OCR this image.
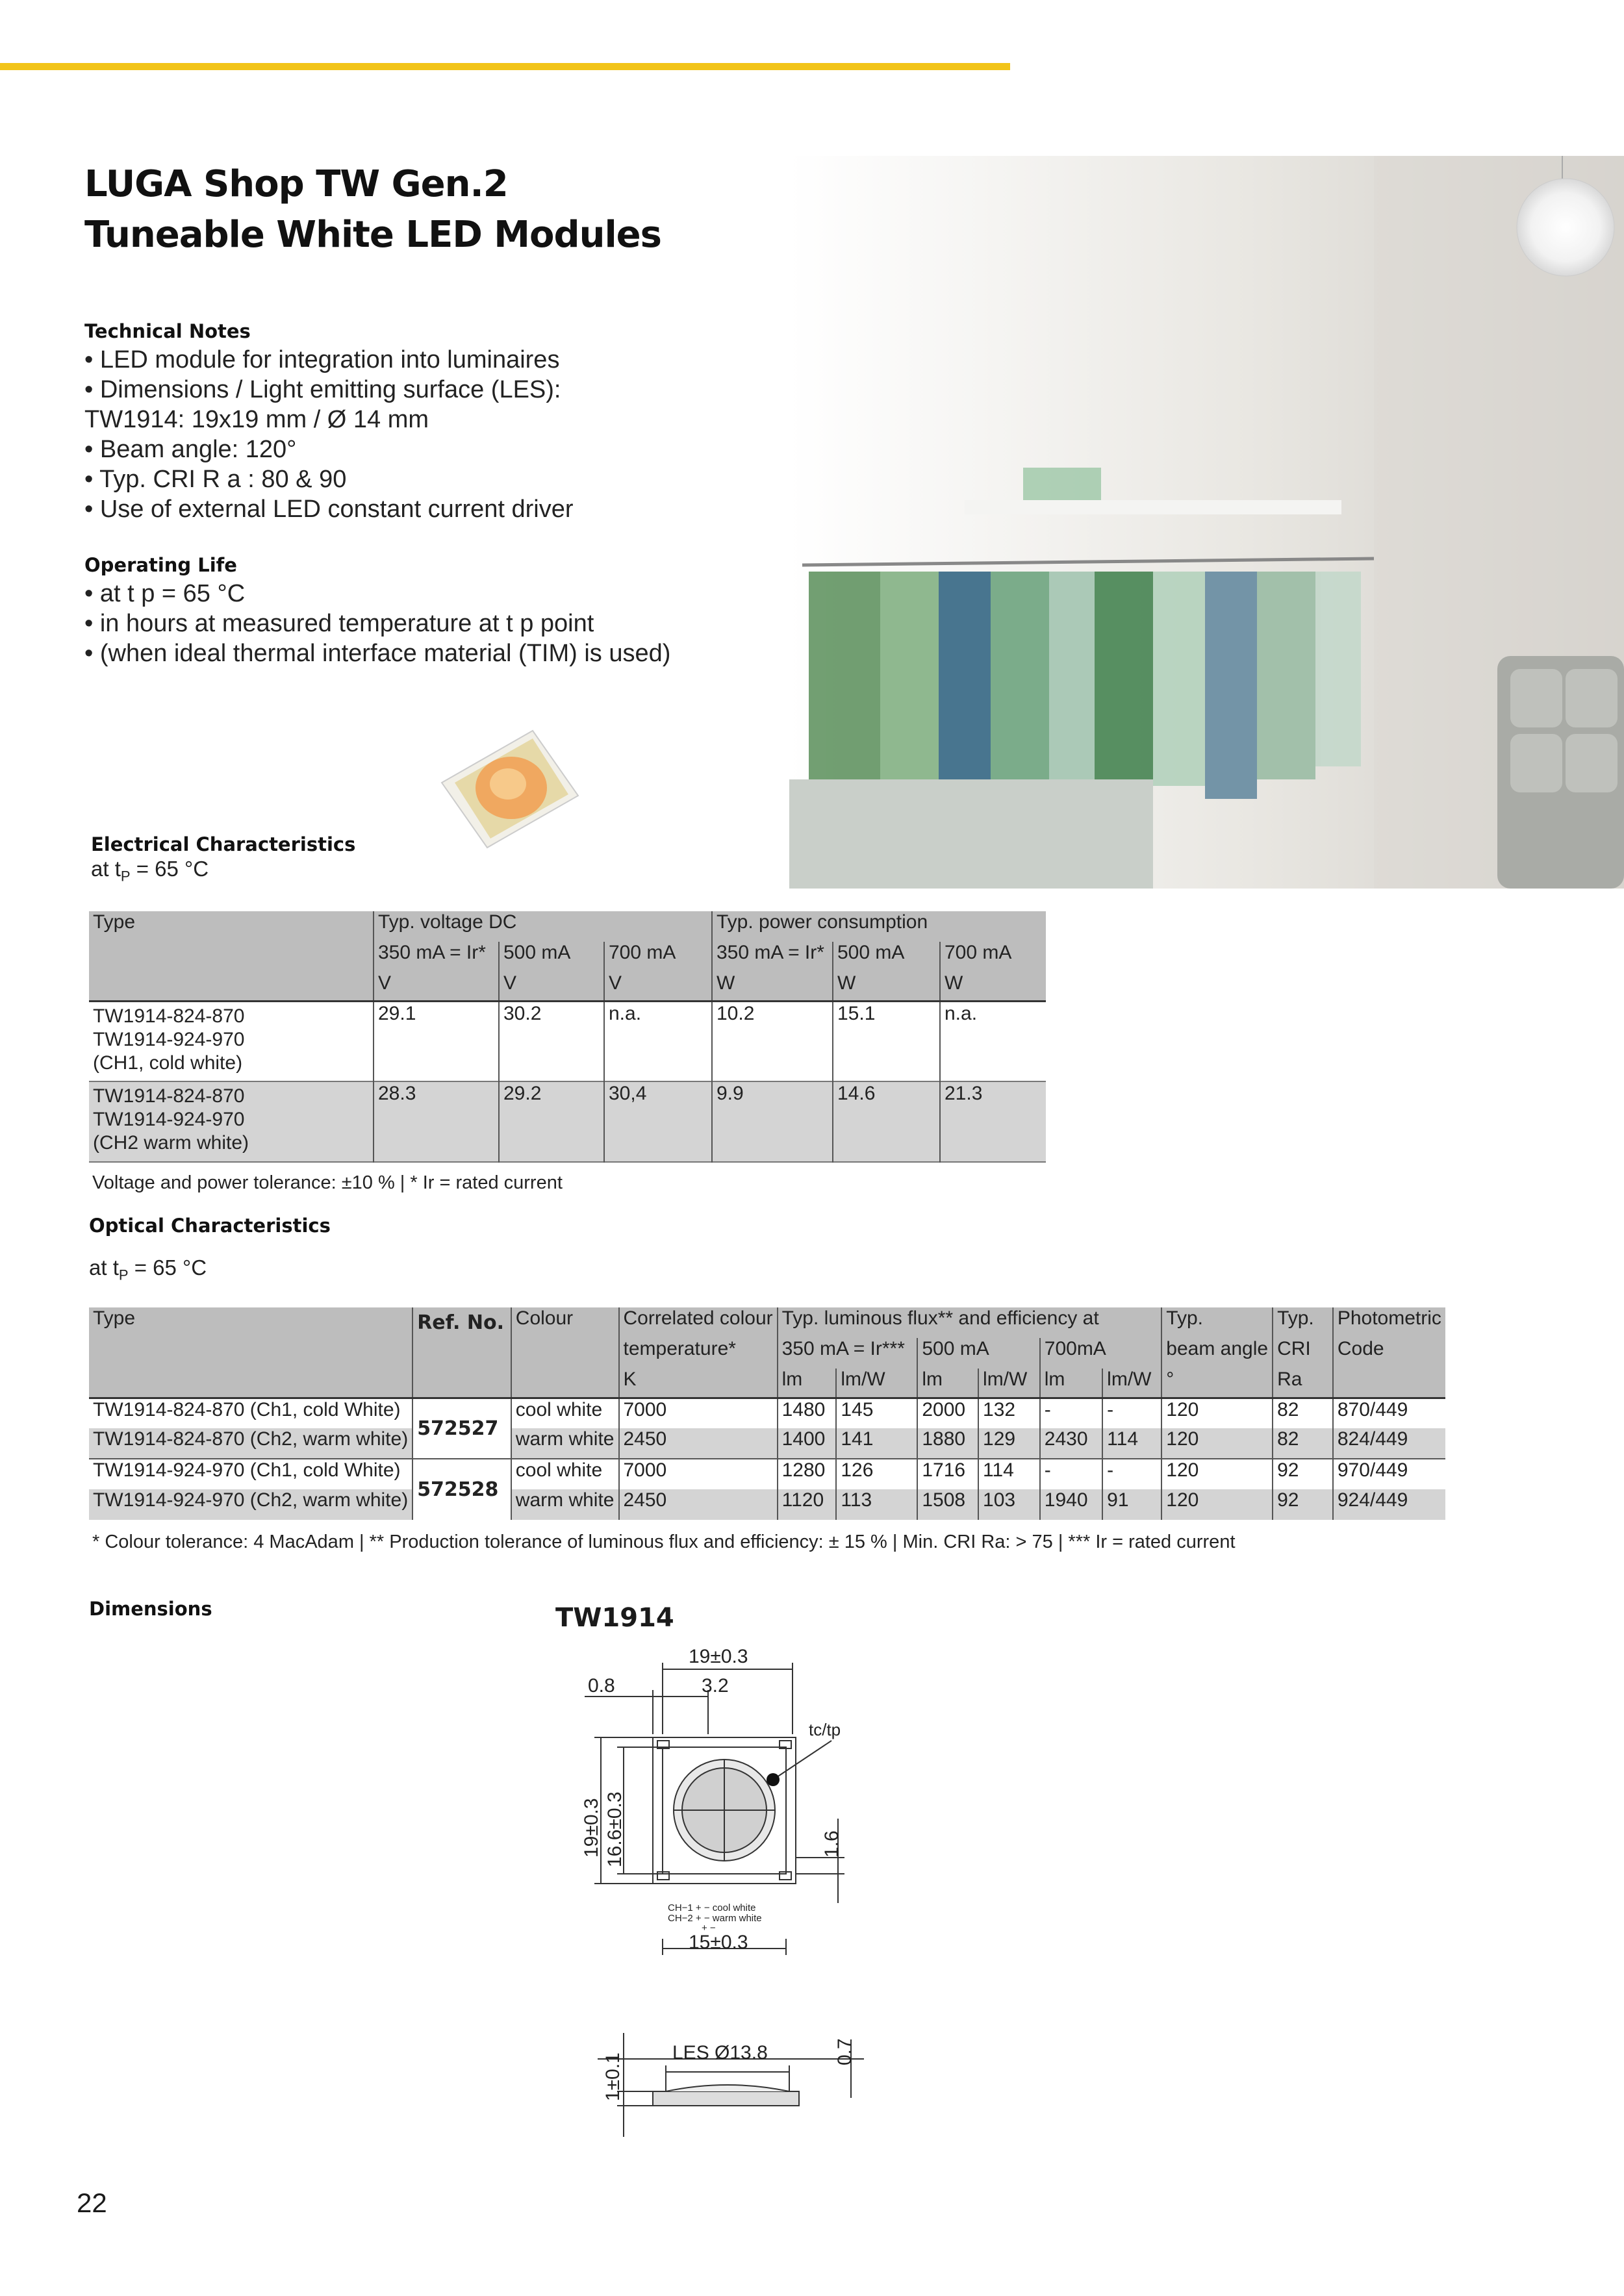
LUGA Shop TW Gen.2
Tuneable White LED Modules
Technical Notes
• LED module for integration into luminaires
• Dimensions / Light emitting surface (LES):
TW1914: 19x19 mm / Ø 14 mm
• Beam angle: 120°
• Typ. CRI R a : 80 & 90
• Use of external LED constant current driver
Operating Life
• at t p = 65 °C
• in hours at measured temperature at t p point
• (when ideal thermal interface material (TIM) is used)
Electrical Characteristics
at $t_P = 65$ °C
Type	Typ. voltage DC			Typ. power consumption		
	350 mA = Ir*	500 mA	700 mA	350 mA = Ir*	500 mA	700 mA
	V	V	V	W	W	W

TW1914-824-870
TW1914-924-970
(CH1, cold white)	29.1	30.2	n.a.	10.2	15.1	n.a.

TW1914-824-870
TW1914-924-970
(CH2 warm white)	28.3	29.2	30,4	9.9	14.6	21.3
Voltage and power tolerance: ±10 % | * Ir = rated current
Optical Characteristics
at $t_P = 65$ °C
Type	Ref. No.	Colour	Correlated colour	Typ. luminous flux** and efficiency at						Typ.	Typ.	Photometric
			temperature*	350 mA = Ir***		500 mA		700mA		beam angle	CRI	Code
			K	lm	lm/W	lm	lm/W	lm	lm/W	°	Ra	
TW1914-824-870 (Ch1, cold White)	572527	cool white	7000	1480	145	2000	132	-	-	120	82	870/449
TW1914-824-870 (Ch2, warm white)		warm white	2450	1400	141	1880	129	2430	114	120	82	824/449
TW1914-924-970 (Ch1, cold White)	572528	cool white	7000	1280	126	1716	114	-	-	120	92	970/449
TW1914-924-970 (Ch2, warm white)		warm white	2450	1120	113	1508	103	1940	91	120	92	924/449
* Colour tolerance: 4 MacAdam | ** Production tolerance of luminous flux and efficiency: ± 15 % | Min. CRI Ra: > 75 | *** Ir = rated current
Dimensions	TW1914
19±0.3
0.8	3.2
tc/tp
15±0.3
CH−1 + − cool white
CH−2 + − warm white
+ −
LES Ø13.8
19±0.3 16.6±0.3	1.6
1±0.1
0.7
22
